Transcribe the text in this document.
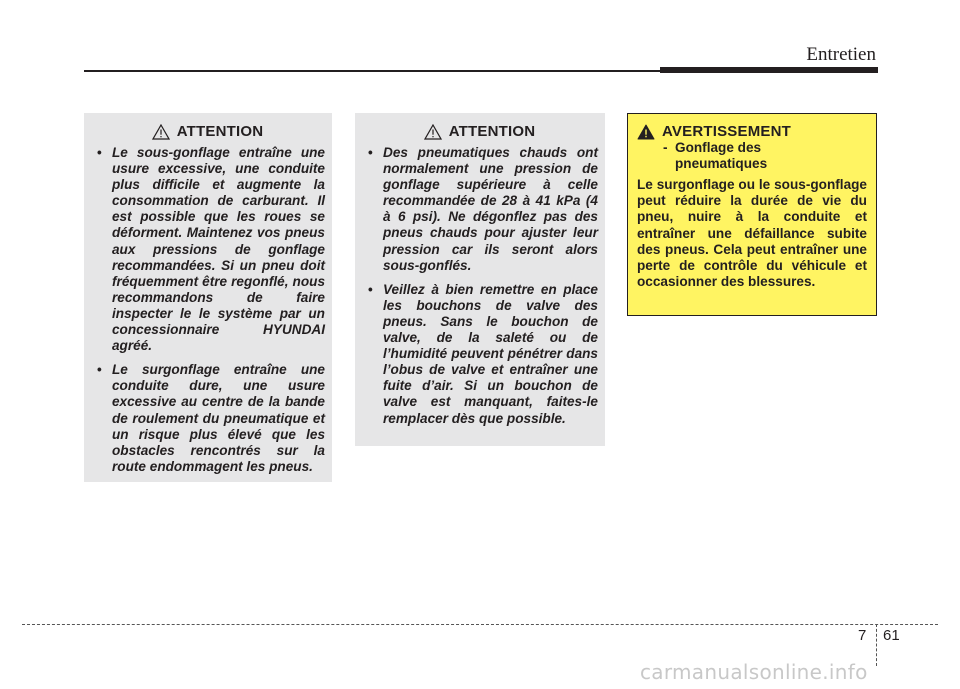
Entretien
ATTENTION
• Le sous-gonflage entraîne une usure excessive, une conduite plus difficile et augmente la consommation de carburant. Il est possible que les roues se déforment. Maintenez vos pneus aux pressions de gonflage recommandées. Si un pneu doit fréquemment être regonflé, nous recommandons de faire inspecter le le système par un concessionnaire HYUNDAI agréé.
• Le surgonflage entraîne une conduite dure, une usure excessive au centre de la bande de roulement du pneumatique et un risque plus élevé que les obstacles rencontrés sur la route endommagent les pneus.
ATTENTION
• Des pneumatiques chauds ont normalement une pression de gonflage supérieure à celle recommandée de 28 à 41 kPa (4 à 6 psi). Ne dégonflez pas des pneus chauds pour ajuster leur pression car ils seront alors sous-gonflés.
• Veillez à bien remettre en place les bouchons de valve des pneus. Sans le bouchon de valve, de la saleté ou de l’humidité peuvent pénétrer dans l’obus de valve et entraîner une fuite d’air. Si un bouchon de valve est manquant, faites-le remplacer dès que possible.
AVERTISSEMENT
- Gonflage des pneumatiques
Le surgonflage ou le sous-gonflage peut réduire la durée de vie du pneu, nuire à la conduite et entraîner une défaillance subite des pneus. Cela peut entraîner une perte de contrôle du véhicule et occasionner des blessures.
7 61
carmanualsonline.info
